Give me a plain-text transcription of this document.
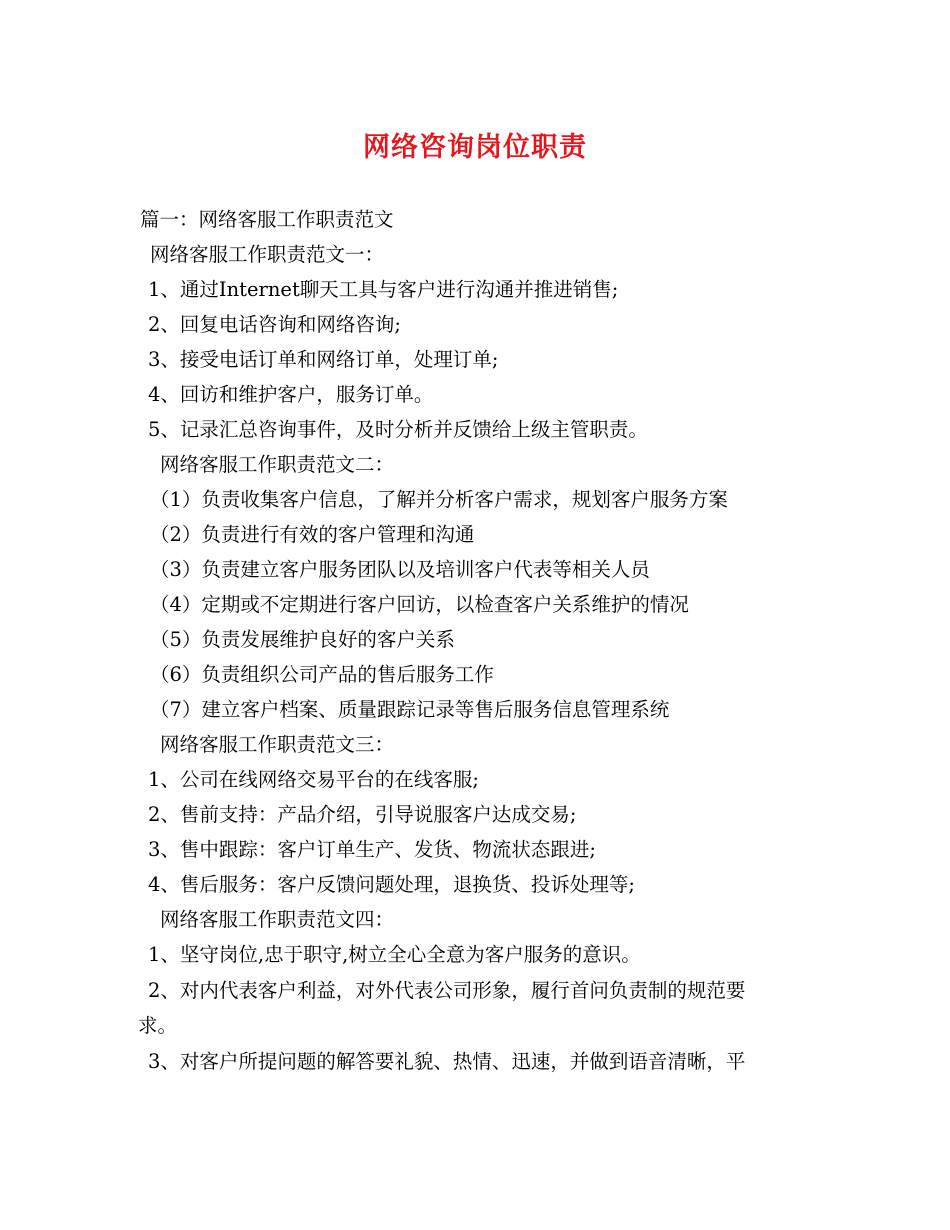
网络咨询岗位职责
篇一：网络客服工作职责范文
网络客服工作职责范文一：
1、通过Internet聊天工具与客户进行沟通并推进销售;
2、回复电话咨询和网络咨询;
3、接受电话订单和网络订单，处理订单;
4、回访和维护客户，服务订单。
5、记录汇总咨询事件，及时分析并反馈给上级主管职责。
网络客服工作职责范文二：
（1）负责收集客户信息，了解并分析客户需求，规划客户服务方案
（2）负责进行有效的客户管理和沟通
（3）负责建立客户服务团队以及培训客户代表等相关人员
（4）定期或不定期进行客户回访，以检查客户关系维护的情况
（5）负责发展维护良好的客户关系
（6）负责组织公司产品的售后服务工作
（7）建立客户档案、质量跟踪记录等售后服务信息管理系统
网络客服工作职责范文三：
1、公司在线网络交易平台的在线客服;
2、售前支持：产品介绍，引导说服客户达成交易;
3、售中跟踪：客户订单生产、发货、物流状态跟进;
4、售后服务：客户反馈问题处理，退换货、投诉处理等;
网络客服工作职责范文四：
1、坚守岗位,忠于职守,树立全心全意为客户服务的意识。
2、对内代表客户利益，对外代表公司形象，履行首问负责制的规范要
求。
3、对客户所提问题的解答要礼貌、热情、迅速，并做到语音清晰，平
